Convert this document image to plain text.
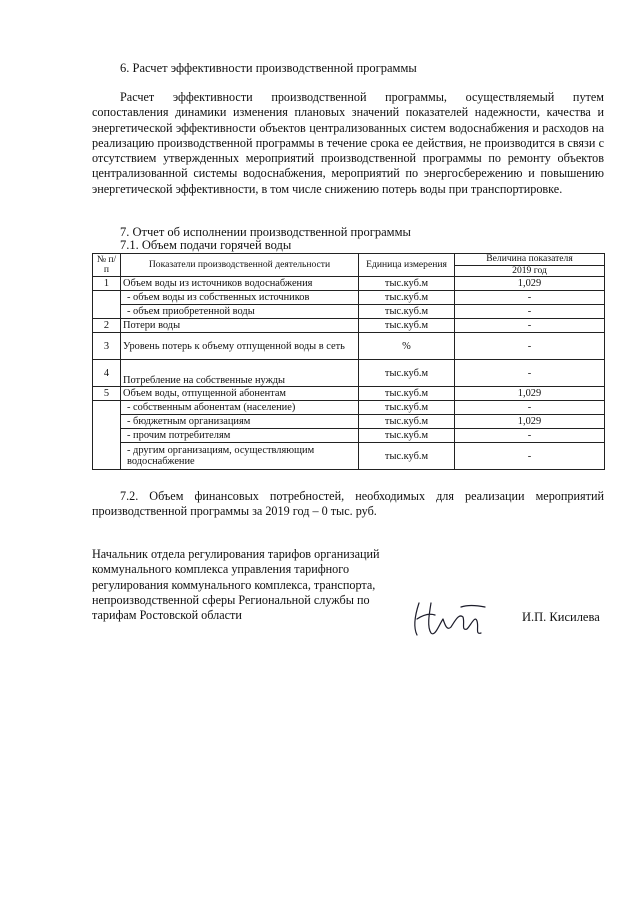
6. Расчет эффективности производственной программы
Расчет эффективности производственной программы, осуществляемый путем сопоставления динамики изменения плановых значений показателей надежности, качества и энергетической эффективности объектов централизованных систем водоснабжения и расходов на реализацию производственной программы в течение срока ее действия, не производится в связи с отсутствием утвержденных мероприятий производственной программы по ремонту объектов централизованной системы водоснабжения, мероприятий по энергосбережению и повышению энергетической эффективности, в том числе снижению потерь воды при транспортировке.
7. Отчет об исполнении производственной программы
7.1. Объем подачи горячей воды
№ п/п	Показатели производственной деятельности	Единица измерения	Величина показателя
			2019 год
1	Объем воды из источников водоснабжения	тыс.куб.м	1,029
	- объем воды из собственных источников	тыс.куб.м	-
	- объем приобретенной воды	тыс.куб.м	-
2	Потери воды	тыс.куб.м	-
3	Уровень потерь к объему отпущенной воды в сеть	%	-
4	Потребление на собственные нужды	тыс.куб.м	-
5	Объем воды, отпущенной абонентам	тыс.куб.м	1,029
	- собственным абонентам (население)	тыс.куб.м	-
	- бюджетным организациям	тыс.куб.м	1,029
	- прочим потребителям	тыс.куб.м	-
	- другим организациям, осуществляющим водоснабжение	тыс.куб.м	-
7.2. Объем финансовых потребностей, необходимых для реализации мероприятий производственной программы за 2019 год – 0 тыс. руб.
Начальник отдела регулирования тарифов организаций
коммунального комплекса управления тарифного
регулирования коммунального комплекса, транспорта,
непроизводственной сферы Региональной службы по
тарифам Ростовской области	И.П. Кисилева
